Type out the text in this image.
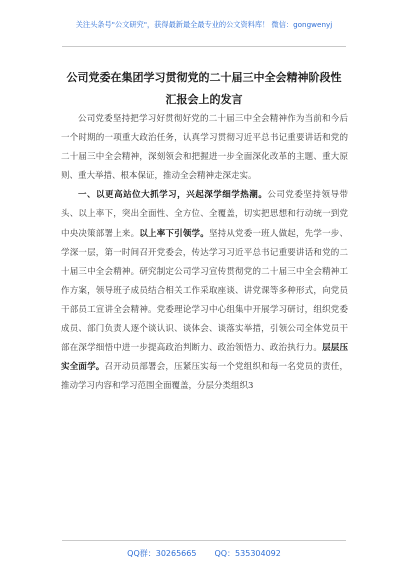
关注头条号"公文研究"，获得最新最全最专业的公文资料库！ 微信：gongwenyj
公司党委在集团学习贯彻党的二十届三中全会精神阶段性
汇报会上的发言

公司党委坚持把学习好贯彻好党的二十届三中全会精神作为当前和今后一个时期的一项重大政治任务，认真学习贯彻习近平总书记重要讲话和党的二十届三中全会精神，深刻领会和把握进一步全面深化改革的主题、重大原则、重大举措、根本保证，推动全会精神走深走实。

一、以更高站位大抓学习，兴起深学细学热潮。公司党委坚持领导带头、以上率下，突出全面性、全方位、全覆盖，切实把思想和行动统一到党中央决策部署上来。以上率下引领学。坚持从党委一班人做起，先学一步、学深一层，第一时间召开党委会，传达学习习近平总书记重要讲话和党的二十届三中全会精神。研究制定公司学习宣传贯彻党的二十届三中全会精神工作方案，领导班子成员结合相关工作采取座谈、讲党课等多种形式，向党员干部员工宣讲全会精神。党委理论学习中心组集中开展学习研讨，组织党委成员、部门负责人逐个谈认识、谈体会、谈落实举措，引领公司全体党员干部在深学细悟中进一步提高政治判断力、政治领悟力、政治执行力。层层压实全面学。召开动员部署会，压紧压实每一个党组织和每一名党员的责任，推动学习内容和学习范围全面覆盖，分层分类组织3

QQ群：30265665 QQ：535304092
